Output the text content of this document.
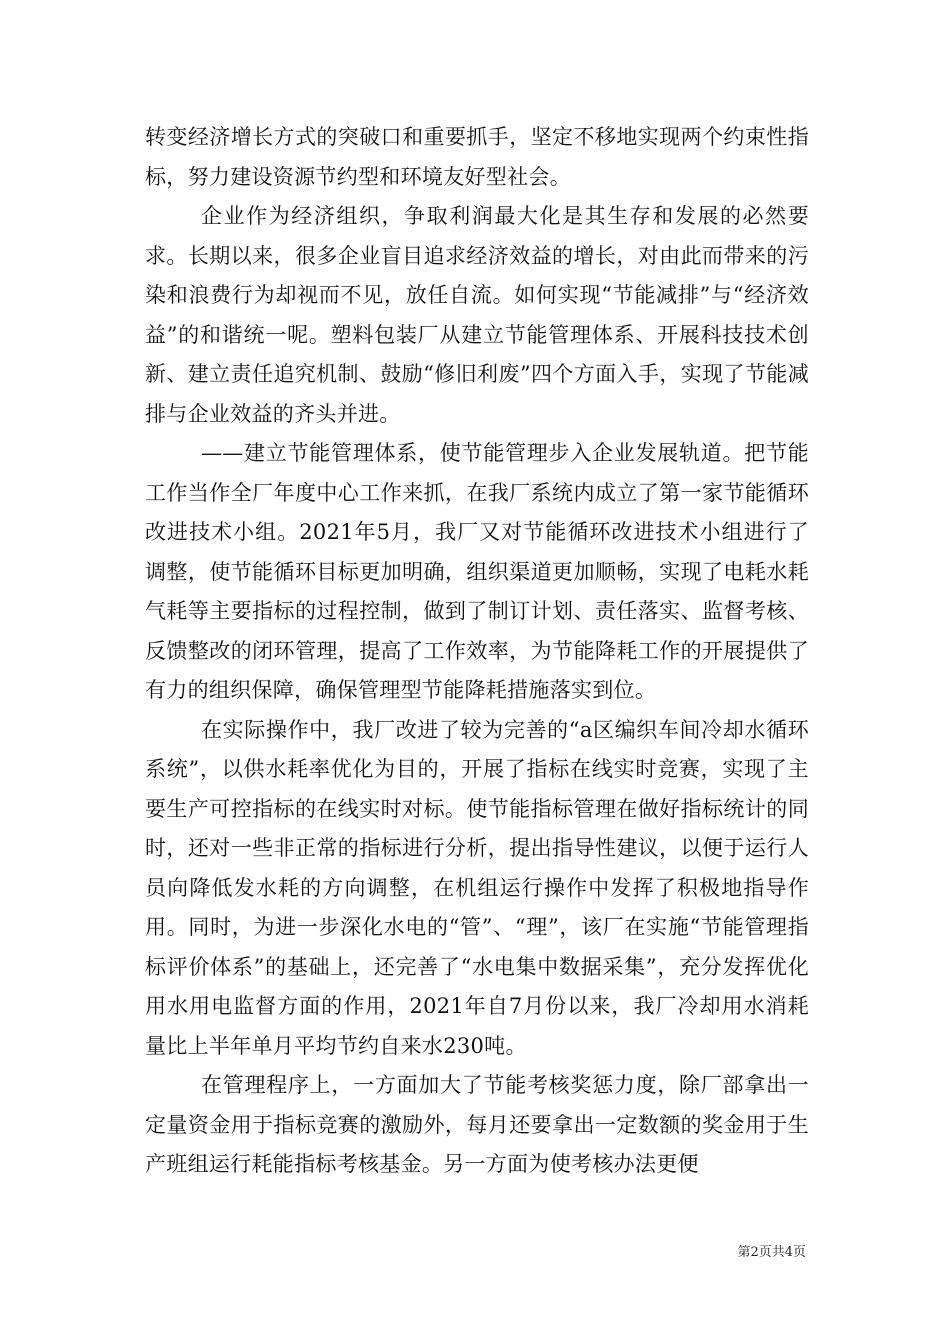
转变经济增长方式的突破口和重要抓手，坚定不移地实现两个约束性指标，努力建设资源节约型和环境友好型社会。

企业作为经济组织，争取利润最大化是其生存和发展的必然要求。长期以来，很多企业盲目追求经济效益的增长，对由此而带来的污染和浪费行为却视而不见，放任自流。如何实现“节能减排”与“经济效益”的和谐统一呢。塑料包装厂从建立节能管理体系、开展科技技术创新、建立责任追究机制、鼓励“修旧利废”四个方面入手，实现了节能减排与企业效益的齐头并进。

——建立节能管理体系，使节能管理步入企业发展轨道。把节能工作当作全厂年度中心工作来抓，在我厂系统内成立了第一家节能循环改进技术小组。2021年5月，我厂又对节能循环改进技术小组进行了调整，使节能循环目标更加明确，组织渠道更加顺畅，实现了电耗水耗气耗等主要指标的过程控制，做到了制订计划、责任落实、监督考核、反馈整改的闭环管理，提高了工作效率，为节能降耗工作的开展提供了有力的组织保障，确保管理型节能降耗措施落实到位。

在实际操作中，我厂改进了较为完善的“a区编织车间冷却水循环系统”，以供水耗率优化为目的，开展了指标在线实时竞赛，实现了主要生产可控指标的在线实时对标。使节能指标管理在做好指标统计的同时，还对一些非正常的指标进行分析，提出指导性建议，以便于运行人员向降低发水耗的方向调整，在机组运行操作中发挥了积极地指导作用。同时，为进一步深化水电的“管”、“理”，该厂在实施“节能管理指标评价体系”的基础上，还完善了“水电集中数据采集”，充分发挥优化用水用电监督方面的作用，2021年自7月份以来，我厂冷却用水消耗量比上半年单月平均节约自来水230吨。

在管理程序上，一方面加大了节能考核奖惩力度，除厂部拿出一定量资金用于指标竞赛的激励外，每月还要拿出一定数额的奖金用于生产班组运行耗能指标考核基金。另一方面为使考核办法更便

第2页共4页
